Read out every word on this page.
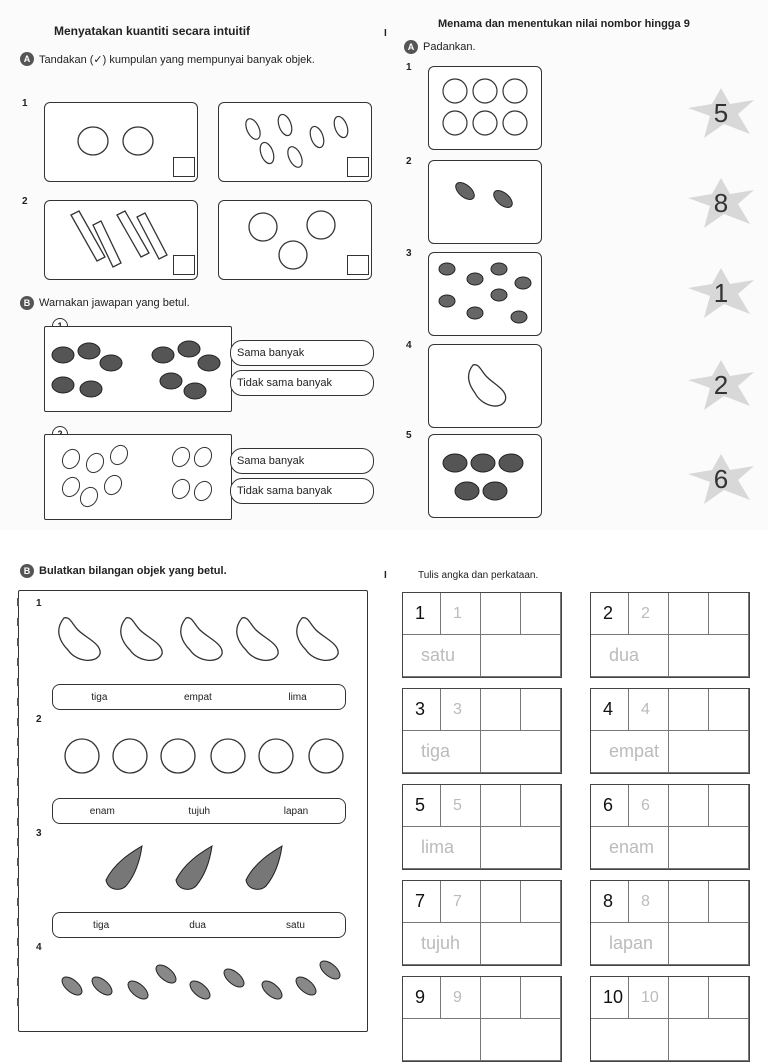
Menyatakan kuantiti secara intuitif
A Tandakan (✓) kumpulan yang mempunyai banyak objek.
1
2
B Warnakan jawapan yang betul.
Sama banyak
Tidak sama banyak
Sama banyak
Tidak sama banyak
I
Menama dan menentukan nilai nombor hingga 9
A Padankan.
1
2
3
4
5
5
8
1
2
6
B Bulatkan bilangan objek yang betul.
1
tiga	empat	lima
2
enam	tujuh	lapan
3
tiga	dua	satu
4
I	Tulis angka dan perkataan.
1 1
satu
2 2
dua
3 3
tiga
4 4
empat
5 5
lima
6 6
enam
7 7
tujuh
8 8
lapan
9 9	10 10
